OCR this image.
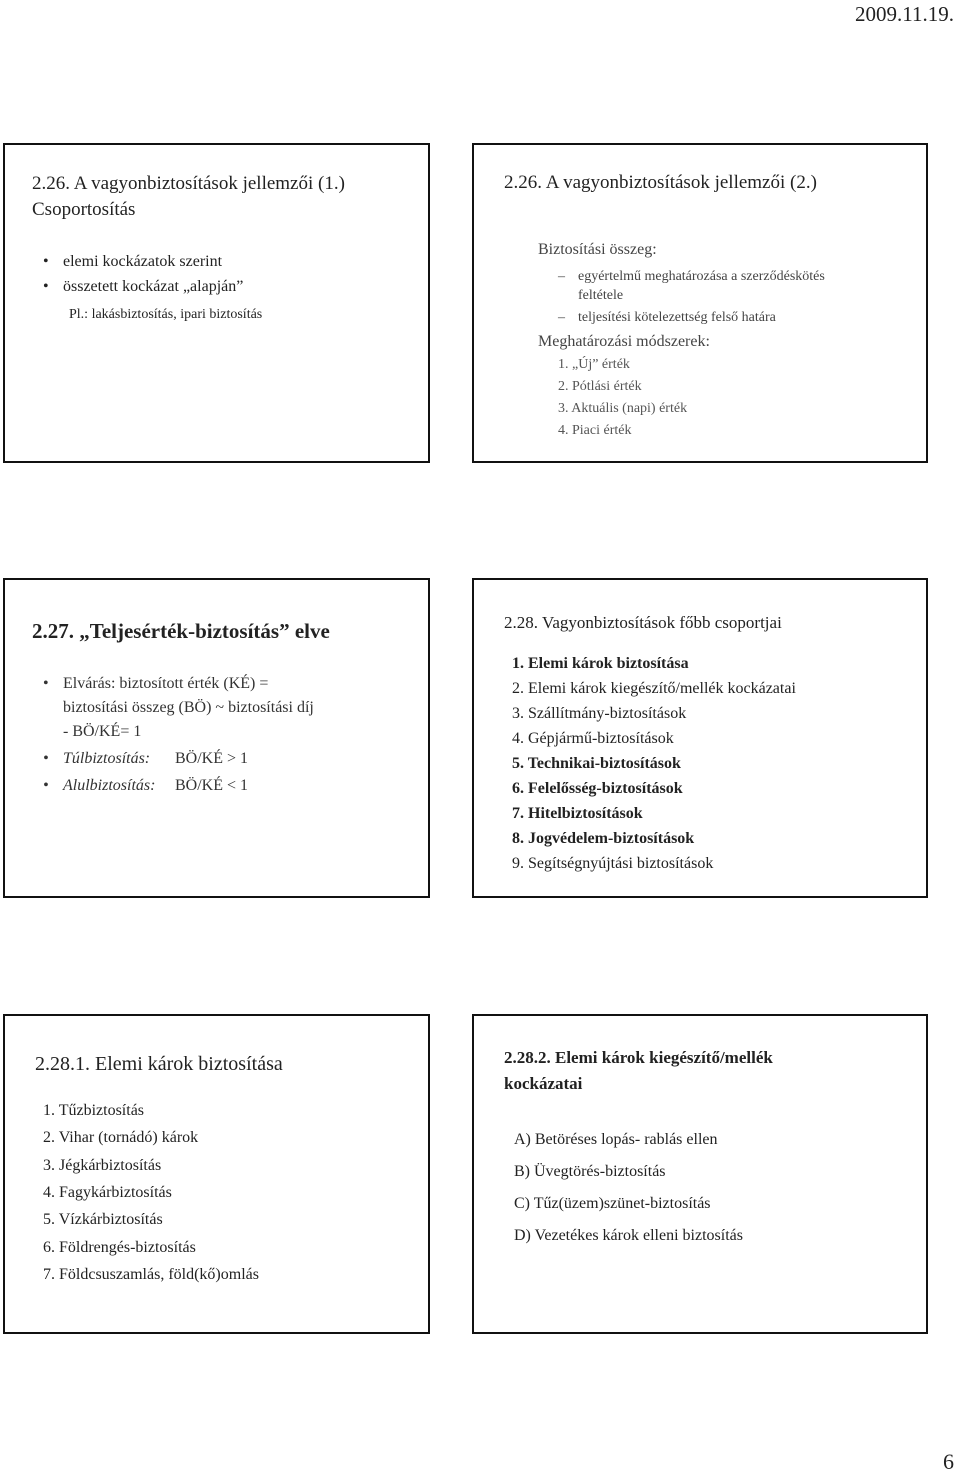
2009.11.19.
2.26. A vagyonbiztosítások jellemzői (1.)
Csoportosítás
• elemi kockázatok szerint
• összetett kockázat „alapján”
Pl.: lakásbiztosítás, ipari biztosítás
2.26. A vagyonbiztosítások jellemzői (2.)
Biztosítási összeg:
– egyértelmű meghatározása a szerződéskötés
feltétele
– teljesítési kötelezettség felső határa
Meghatározási módszerek:
1. „Új” érték
2. Pótlási érték
3. Aktuális (napi) érték
4. Piaci érték
2.27. „Teljesérték-biztosítás” elve
• Elvárás: biztosított érték (KÉ) =
biztosítási összeg (BÖ) ~ biztosítási díj
- BÖ/KÉ= 1
• Túlbiztosítás: BÖ/KÉ > 1
• Alulbiztosítás: BÖ/KÉ < 1
2.28. Vagyonbiztosítások főbb csoportjai
1. Elemi károk biztosítása
2. Elemi károk kiegészítő/mellék kockázatai
3. Szállítmány-biztosítások
4. Gépjármű-biztosítások
5. Technikai-biztosítások
6. Felelősség-biztosítások
7. Hitelbiztosítások
8. Jogvédelem-biztosítások
9. Segítségnyújtási biztosítások
2.28.1. Elemi károk biztosítása
1. Tűzbiztosítás
2. Vihar (tornádó) károk
3. Jégkárbiztosítás
4. Fagykárbiztosítás
5. Vízkárbiztosítás
6. Földrengés-biztosítás
7. Földcsuszamlás, föld(kő)omlás
2.28.2. Elemi károk kiegészítő/mellék
kockázatai
A) Betöréses lopás- rablás ellen
B) Üvegtörés-biztosítás
C) Tűz(üzem)szünet-biztosítás
D) Vezetékes károk elleni biztosítás
6
